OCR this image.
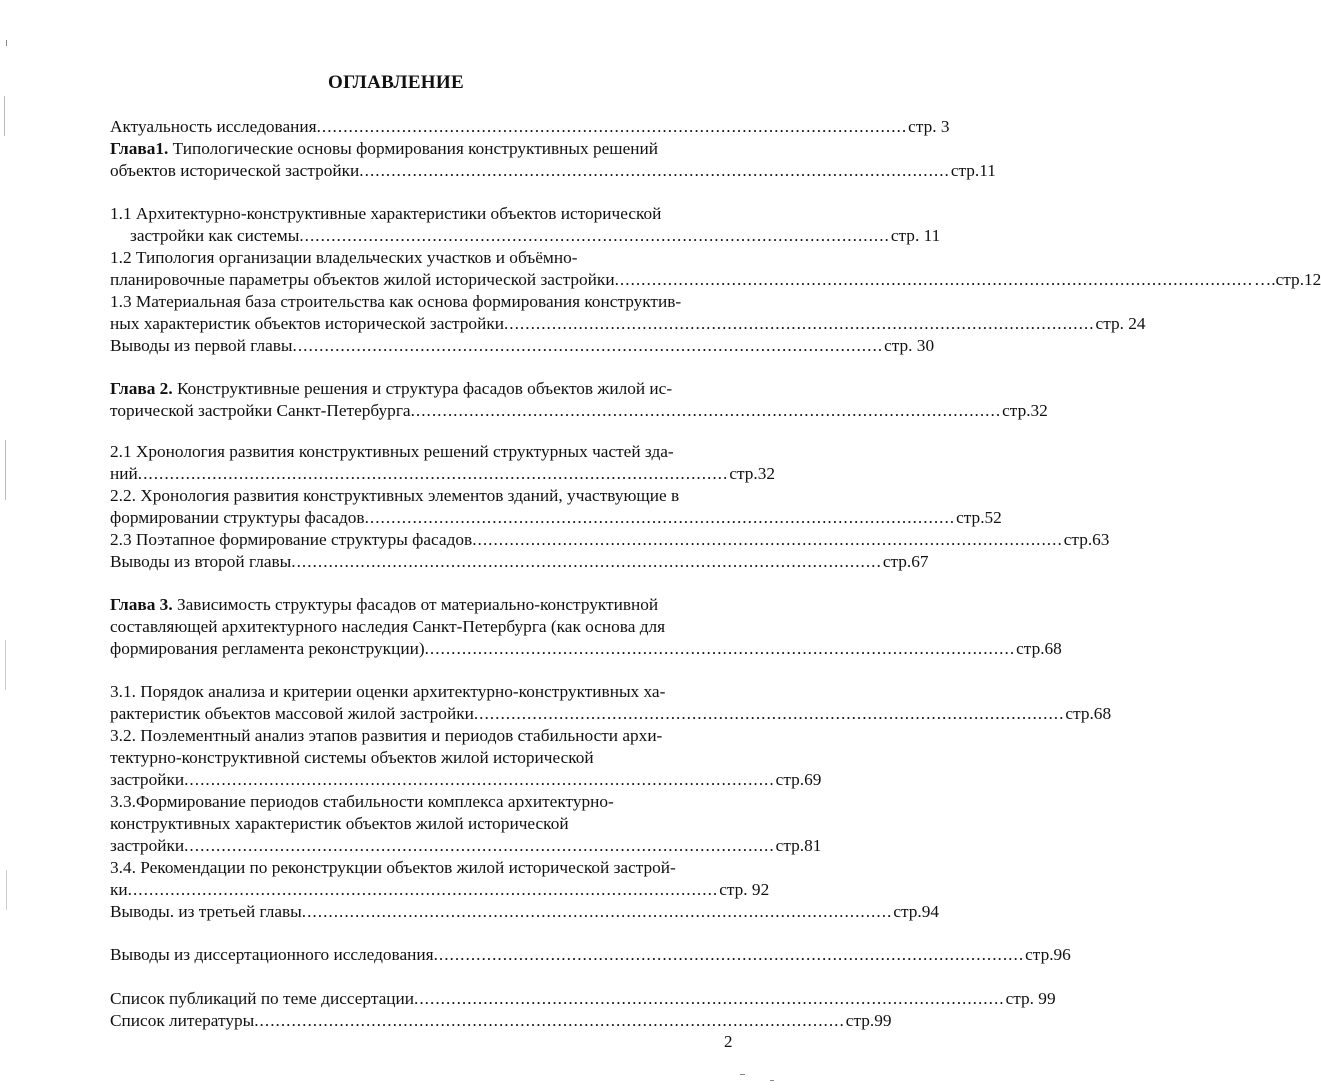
ОГЛАВЛЕНИЕ
Актуальность исследования ............................................................................................................... стр. 3
Глава1. Типологические основы формирования конструктивных решений
объектов исторической застройки ............................................................................................................... стр.11
1.1 Архитектурно-конструктивные характеристики объектов исторической
застройки как системы ............................................................................................................... стр. 11
1.2 Типология организации владельческих участков и объёмно-
планировочные параметры объектов жилой исторической застройки ........................................................................................................................ ….стр.12
1.3 Материальная база строительства как основа формирования конструктив-
ных характеристик объектов исторической застройки ............................................................................................................... стр. 24
Выводы из первой главы ............................................................................................................... стр. 30
Глава 2. Конструктивные решения и структура фасадов объектов жилой ис-
торической застройки Санкт-Петербурга ............................................................................................................... стр.32
2.1 Хронология развития конструктивных решений структурных частей зда-
ний ............................................................................................................... стр.32
2.2. Хронология развития конструктивных элементов зданий, участвующие в
формировании структуры фасадов ............................................................................................................... стр.52
2.3 Поэтапное формирование структуры фасадов ............................................................................................................... стр.63
Выводы из второй главы ............................................................................................................... стр.67
Глава 3. Зависимость структуры фасадов от материально-конструктивной
составляющей архитектурного наследия Санкт-Петербурга (как основа для
формирования регламента реконструкции) ............................................................................................................... стр.68
3.1. Порядок анализа и критерии оценки архитектурно-конструктивных ха-
рактеристик объектов массовой жилой застройки ............................................................................................................... стр.68
3.2. Поэлементный анализ этапов развития и периодов стабильности архи-
тектурно-конструктивной системы объектов жилой исторической
застройки ............................................................................................................... стр.69
3.3.Формирование периодов стабильности комплекса архитектурно-
конструктивных характеристик объектов жилой исторической
застройки ............................................................................................................... стр.81
3.4. Рекомендации по реконструкции объектов жилой исторической застрой-
ки ............................................................................................................... стр. 92
Выводы. из третьей главы ............................................................................................................... стр.94
Выводы из диссертационного исследования ............................................................................................................... стр.96
Список публикаций по теме диссертации ............................................................................................................... стр. 99
Список литературы ............................................................................................................... стр.99
2
